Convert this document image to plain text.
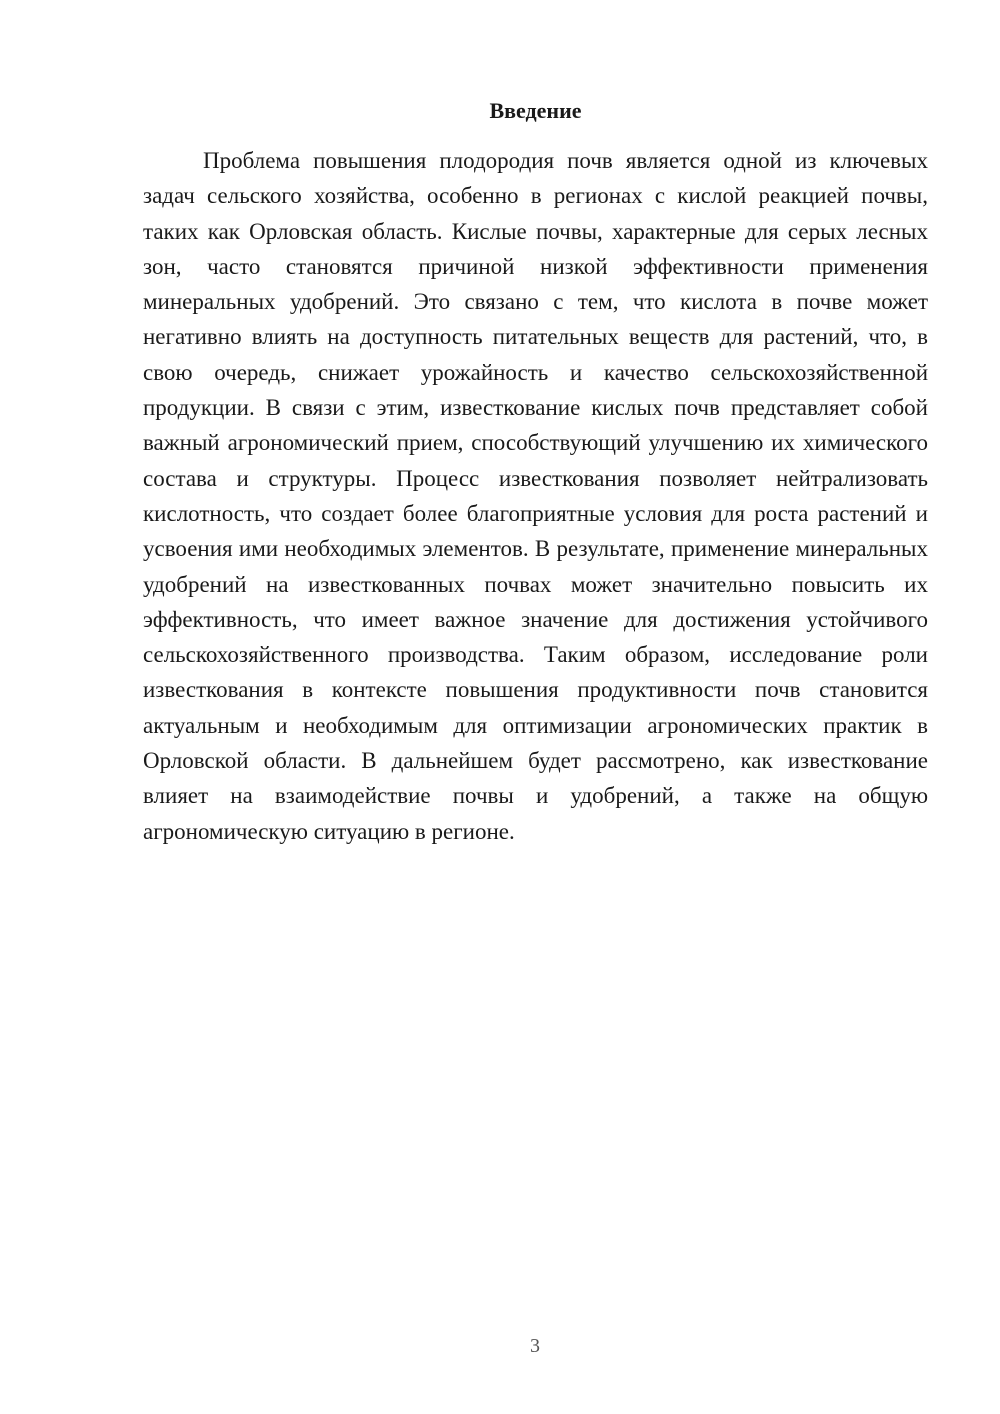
Введение

Проблема повышения плодородия почв является одной из ключевых задач сельского хозяйства, особенно в регионах с кислой реакцией почвы, таких как Орловская область. Кислые почвы, характерные для серых лесных зон, часто становятся причиной низкой эффективности применения минеральных удобрений. Это связано с тем, что кислота в почве может негативно влиять на доступность питательных веществ для растений, что, в свою очередь, снижает урожайность и качество сельскохозяйственной продукции. В связи с этим, известкование кислых почв представляет собой важный агрономический прием, способствующий улучшению их химического состава и структуры. Процесс известкования позволяет нейтрализовать кислотность, что создает более благоприятные условия для роста растений и усвоения ими необходимых элементов. В результате, применение минеральных удобрений на известкованных почвах может значительно повысить их эффективность, что имеет важное значение для достижения устойчивого сельскохозяйственного производства. Таким образом, исследование роли известкования в контексте повышения продуктивности почв становится актуальным и необходимым для оптимизации агрономических практик в Орловской области. В дальнейшем будет рассмотрено, как известкование влияет на взаимодействие почвы и удобрений, а также на общую агрономическую ситуацию в регионе.

3
